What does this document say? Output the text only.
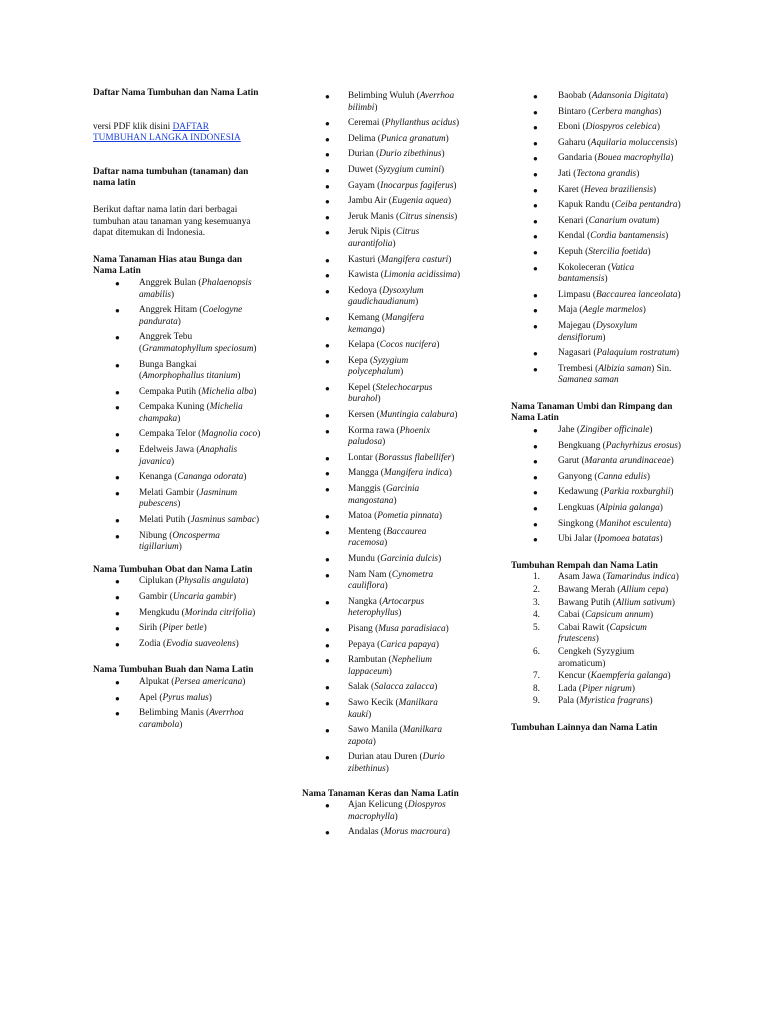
Daftar Nama Tumbuhan dan Nama Latin

versi PDF klik disini DAFTAR TUMBUHAN LANGKA INDONESIA

Daftar nama tumbuhan (tanaman) dan nama latin

Berikut daftar nama latin dari berbagai tumbuhan atau tanaman yang kesemuanya dapat ditemukan di Indonesia.

Nama Tanaman Hias atau Bunga dan Nama Latin

● Anggrek Bulan (Phalaenopsis amabilis)
● Anggrek Hitam (Coelogyne pandurata)
● Anggrek Tebu (Grammatophyllum speciosum)
● Bunga Bangkai (Amorphophallus titanium)
● Cempaka Putih (Michelia alba)
● Cempaka Kuning (Michelia champaka)
● Cempaka Telor (Magnolia coco)
● Edelweis Jawa (Anaphalis javanica)
● Kenanga (Cananga odorata)
● Melati Gambir (Jasminum pubescens)
● Melati Putih (Jasminus sambac)
● Nibung (Oncosperma tigillarium)

Nama Tumbuhan Obat dan Nama Latin

● Ciplukan (Physalis angulata)
● Gambir (Uncaria gambir)
● Mengkudu (Morinda citrifolia)
● Sirih (Piper betle)
● Zodia (Evodia suaveolens)

Nama Tumbuhan Buah dan Nama Latin

● Alpukat (Persea americana)
● Apel (Pyrus malus)
● Belimbing Manis (Averrhoa carambola)
● Belimbing Wuluh (Averrhoa bilimbi)
● Ceremai (Phyllanthus acidus)
● Delima (Punica granatum)
● Durian (Durio zibethinus)
● Duwet (Syzygium cumini)
● Gayam (Inocarpus fagiferus)
● Jambu Air (Eugenia aquea)
● Jeruk Manis (Citrus sinensis)
● Jeruk Nipis (Citrus aurantifolia)
● Kasturi (Mangifera casturi)
● Kawista (Limonia acidissima)
● Kedoya (Dysoxylum gaudichaudianum)
● Kemang (Mangifera kemanga)
● Kelapa (Cocos nucifera)
● Kepa (Syzygium polycephalum)
● Kepel (Stelechocarpus burahol)
● Kersen (Muntingia calabura)
● Korma rawa (Phoenix paludosa)
● Lontar (Borassus flabellifer)
● Mangga (Mangifera indica)
● Manggis (Garcinia mangostana)
● Matoa (Pometia pinnata)
● Menteng (Baccaurea racemosa)
● Mundu (Garcinia dulcis)
● Nam Nam (Cynometra cauliflora)
● Nangka (Artocarpus heterophyllus)
● Pisang (Musa paradisiaca)
● Pepaya (Carica papaya)
● Rambutan (Nephelium lappaceum)
● Salak (Salacca zalacca)
● Sawo Kecik (Manilkara kauki)
● Sawo Manila (Manilkara zapota)
● Durian atau Duren (Durio zibethinus)

Nama Tanaman Keras dan Nama Latin

● Ajan Kelicung (Diospyros macrophylla)
● Andalas (Morus macroura)
● Baobab (Adansonia Digitata)
● Bintaro (Cerbera manghas)
● Eboni (Diospyros celebica)
● Gaharu (Aquilaria moluccensis)
● Gandaria (Bouea macrophylla)
● Jati (Tectona grandis)
● Karet (Hevea braziliensis)
● Kapuk Randu (Ceiba pentandra)
● Kenari (Canarium ovatum)
● Kendal (Cordia bantamensis)
● Kepuh (Stercilia foetida)
● Kokoleceran (Vatica bantamensis)
● Limpasu (Baccaurea lanceolata)
● Maja (Aegle marmelos)
● Majegau (Dysoxylum densiflorum)
● Nagasari (Palaquium rostratum)
● Trembesi (Albizia saman) Sin. Samanea saman

Nama Tanaman Umbi dan Rimpang dan Nama Latin

● Jahe (Zingiber officinale)
● Bengkuang (Pachyrhizus erosus)
● Garut (Maranta arundinaceae)
● Ganyong (Canna edulis)
● Kedawung (Parkia roxburghii)
● Lengkuas (Alpinia galanga)
● Singkong (Manihot esculenta)
● Ubi Jalar (Ipomoea batatas)

Tumbuhan Rempah dan Nama Latin

1. Asam Jawa (Tamarindus indica)
2. Bawang Merah (Allium cepa)
3. Bawang Putih (Allium sativum)
4. Cabai (Capsicum annum)
5. Cabai Rawit (Capsicum frutescens)
6. Cengkeh (Syzygium aromaticum)
7. Kencur (Kaempferia galanga)
8. Lada (Piper nigrum)
9. Pala (Myristica fragrans)

Tumbuhan Lainnya dan Nama Latin
